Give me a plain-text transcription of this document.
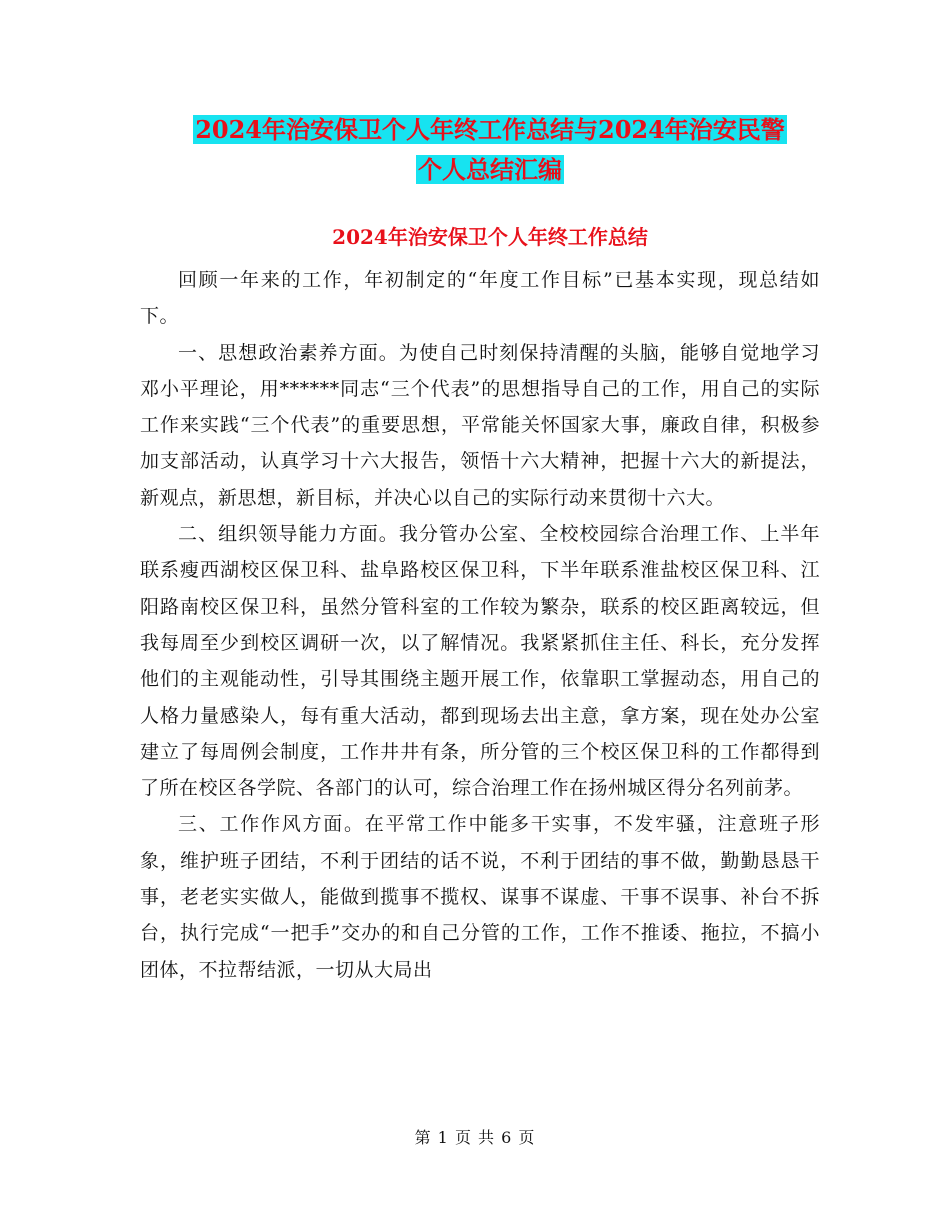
2024年治安保卫个人年终工作总结与2024年治安民警
个人总结汇编
2024年治安保卫个人年终工作总结

回顾一年来的工作，年初制定的“年度工作目标”已基本实现，现总结如下。

一、思想政治素养方面。为使自己时刻保持清醒的头脑，能够自觉地学习邓小平理论，用******同志“三个代表”的思想指导自己的工作，用自己的实际工作来实践“三个代表”的重要思想，平常能关怀国家大事，廉政自律，积极参加支部活动，认真学习十六大报告，领悟十六大精神，把握十六大的新提法，新观点，新思想，新目标，并决心以自己的实际行动来贯彻十六大。

二、组织领导能力方面。我分管办公室、全校校园综合治理工作、上半年联系瘦西湖校区保卫科、盐阜路校区保卫科，下半年联系淮盐校区保卫科、江阳路南校区保卫科，虽然分管科室的工作较为繁杂，联系的校区距离较远，但我每周至少到校区调研一次，以了解情况。我紧紧抓住主任、科长，充分发挥他们的主观能动性，引导其围绕主题开展工作，依靠职工掌握动态，用自己的人格力量感染人，每有重大活动，都到现场去出主意，拿方案，现在处办公室建立了每周例会制度，工作井井有条，所分管的三个校区保卫科的工作都得到了所在校区各学院、各部门的认可，综合治理工作在扬州城区得分名列前茅。

三、工作作风方面。在平常工作中能多干实事，不发牢骚，注意班子形象，维护班子团结，不利于团结的话不说，不利于团结的事不做，勤勤恳恳干事，老老实实做人，能做到揽事不揽权、谋事不谋虚、干事不误事、补台不拆台，执行完成“一把手”交办的和自己分管的工作，工作不推诿、拖拉，不搞小团体，不拉帮结派，一切从大局出

第 1 页 共 6 页
